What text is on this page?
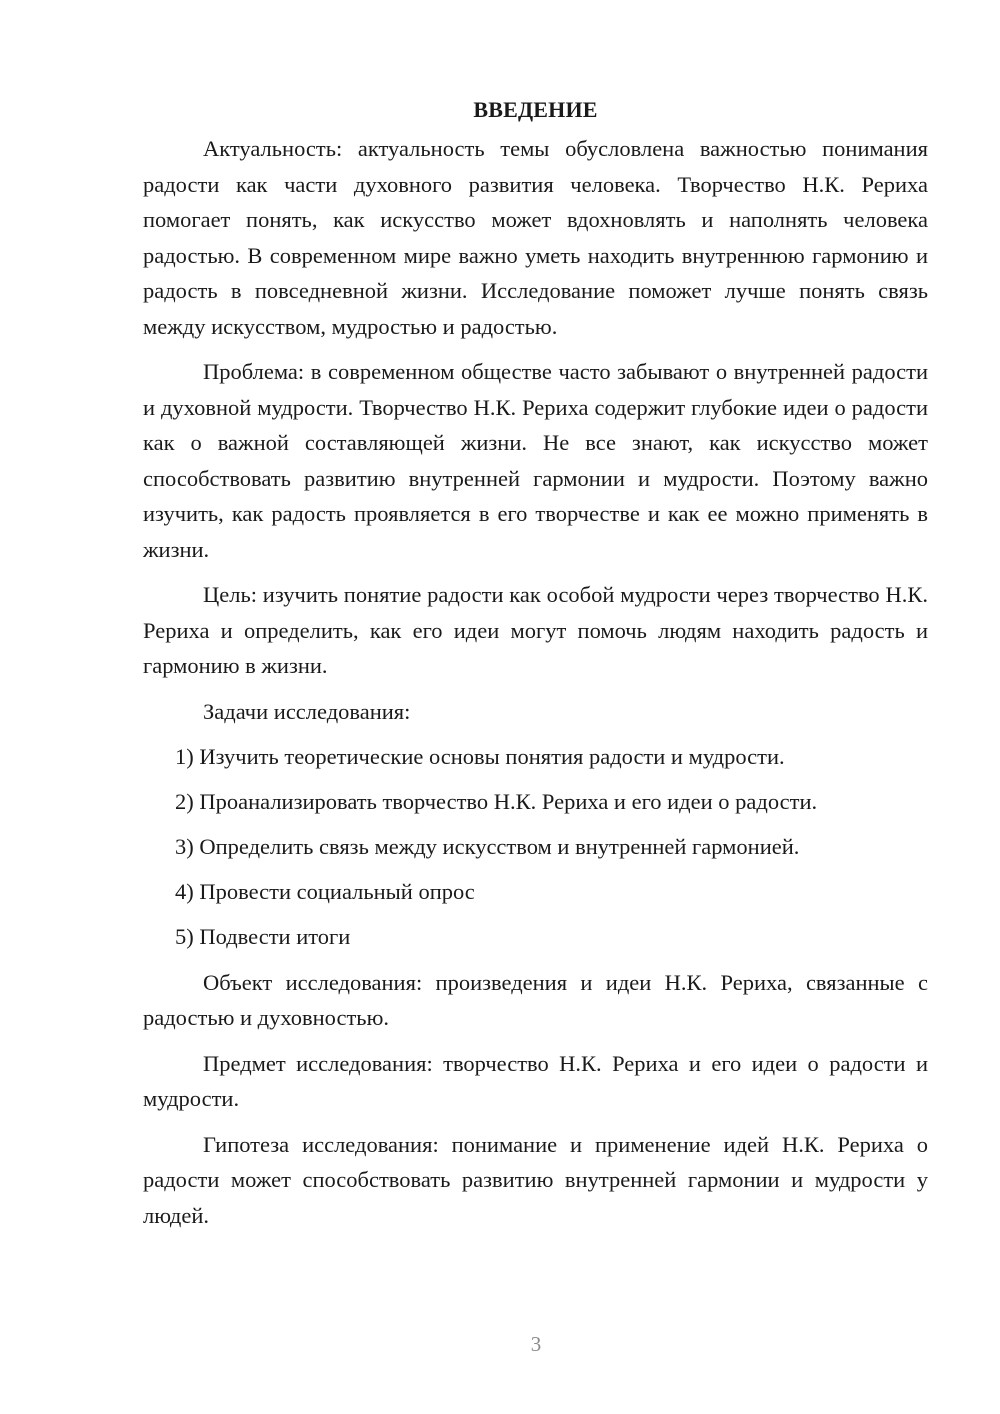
ВВЕДЕНИЕ

Актуальность: актуальность темы обусловлена важностью понимания радости как части духовного развития человека. Творчество Н.К. Рериха помогает понять, как искусство может вдохновлять и наполнять человека радостью. В современном мире важно уметь находить внутреннюю гармонию и радость в повседневной жизни. Исследование поможет лучше понять связь между искусством, мудростью и радостью.

Проблема: в современном обществе часто забывают о внутренней радости и духовной мудрости. Творчество Н.К. Рериха содержит глубокие идеи о радости как о важной составляющей жизни. Не все знают, как искусство может способствовать развитию внутренней гармонии и мудрости. Поэтому важно изучить, как радость проявляется в его творчестве и как ее можно применять в жизни.

Цель: изучить понятие радости как особой мудрости через творчество Н.К. Рериха и определить, как его идеи могут помочь людям находить радость и гармонию в жизни.

Задачи исследования:

1) Изучить теоретические основы понятия радости и мудрости.
2) Проанализировать творчество Н.К. Рериха и его идеи о радости.
3) Определить связь между искусством и внутренней гармонией.
4) Провести социальный опрос
5) Подвести итоги

Объект исследования: произведения и идеи Н.К. Рериха, связанные с радостью и духовностью.

Предмет исследования: творчество Н.К. Рериха и его идеи о радости и мудрости.

Гипотеза исследования: понимание и применение идей Н.К. Рериха о радости может способствовать развитию внутренней гармонии и мудрости у людей.

3
